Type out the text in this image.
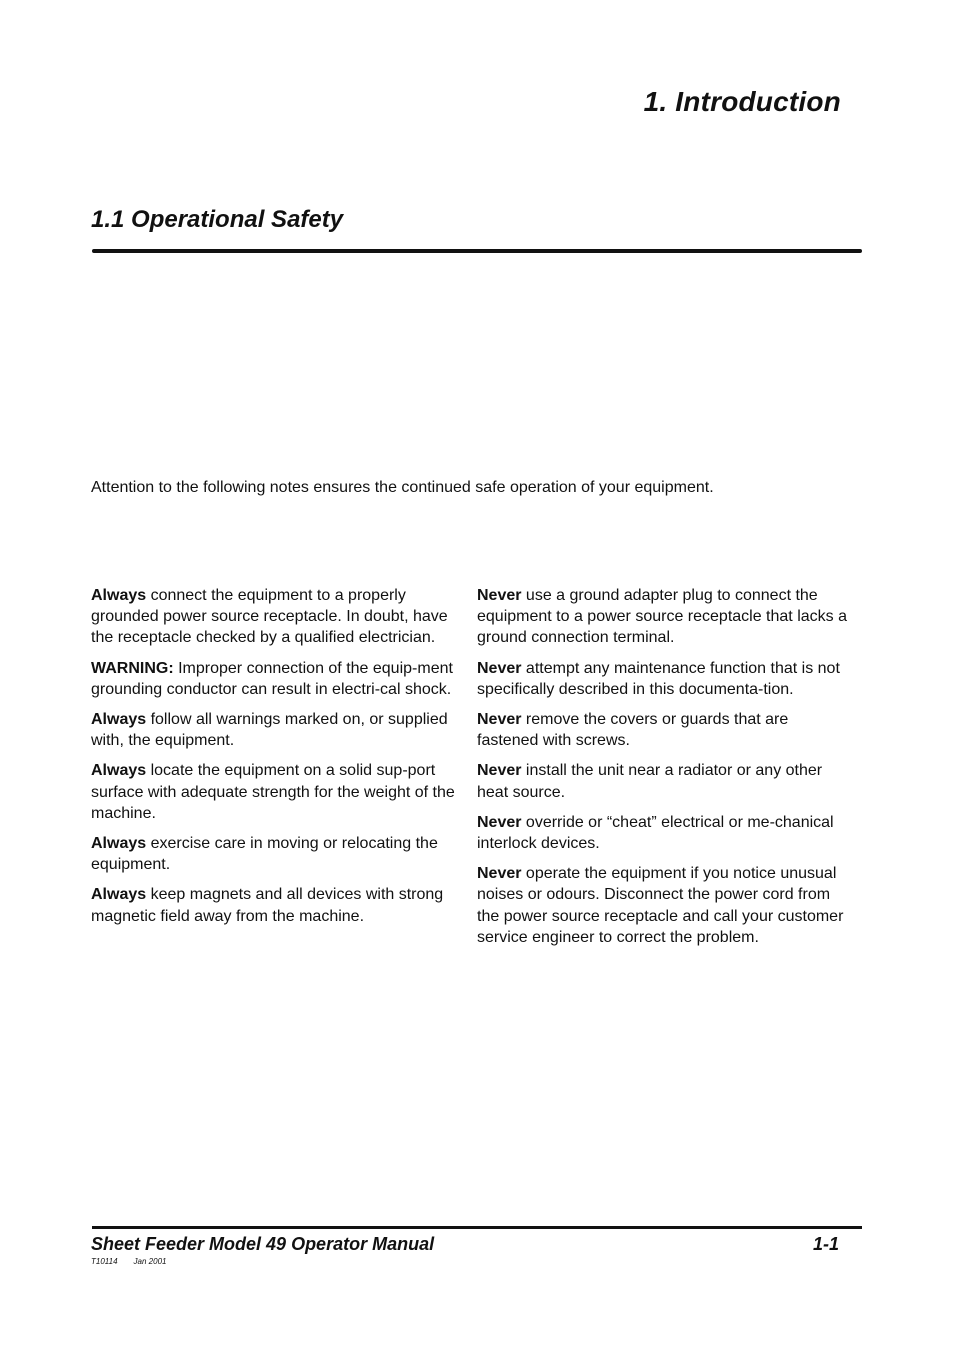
1. Introduction
1.1 Operational Safety

Attention to the following notes ensures the continued safe operation of your equipment.

Always connect the equipment to a properly grounded power source receptacle. In doubt, have the receptacle checked by a qualified electrician.

WARNING: Improper connection of the equip-ment grounding conductor can result in electri-cal shock.

Always follow all warnings marked on, or supplied with, the equipment.

Always locate the equipment on a solid sup-port surface with adequate strength for the weight of the machine.

Always exercise care in moving or relocating the equipment.

Always keep magnets and all devices with strong magnetic field away from the machine.

Never use a ground adapter plug to connect the equipment to a power source receptacle that lacks a ground connection terminal.

Never attempt any maintenance function that is not specifically described in this documenta-tion.

Never remove the covers or guards that are fastened with screws.

Never install the unit near a radiator or any other heat source.

Never override or “cheat” electrical or me-chanical interlock devices.

Never operate the equipment if you notice unusual noises or odours. Disconnect the power cord from the power source receptacle and call your customer service engineer to correct the problem.

Sheet Feeder Model 49 Operator Manual	1-1

T10114 Jan 2001
